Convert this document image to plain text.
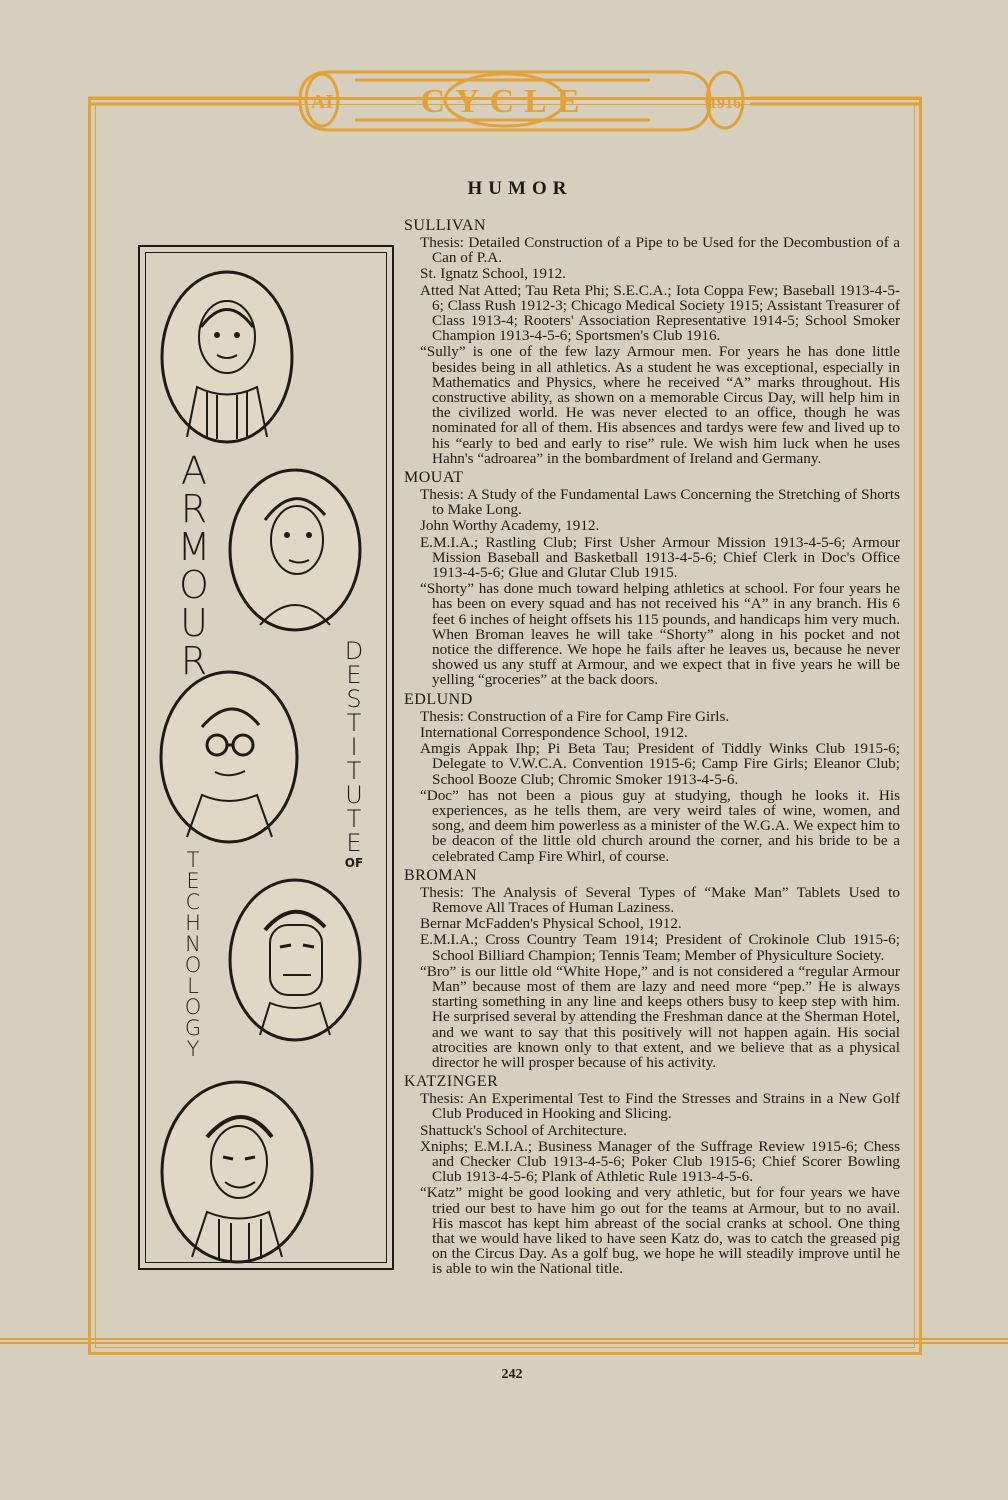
AI	CYCLE	1916
HUMOR
A
R
M
O
U
R	D
E
S
T
I
T
U
T
E
OF
T
E
C
H
N
O
L
O
G
Y
SULLIVAN

Thesis: Detailed Construction of a Pipe to be Used for the Decombustion of a Can of P.A.

St. Ignatz School, 1912.

Atted Nat Atted; Tau Reta Phi; S.E.C.A.; Iota Coppa Few; Baseball 1913-4-5-6; Class Rush 1912-3; Chicago Medical Society 1915; Assistant Treasurer of Class 1913-4; Rooters' Association Representative 1914-5; School Smoker Champion 1913-4-5-6; Sportsmen's Club 1916.

“Sully” is one of the few lazy Armour men. For years he has done little besides being in all athletics. As a student he was exceptional, especially in Mathematics and Physics, where he received “A” marks throughout. His constructive ability, as shown on a memorable Circus Day, will help him in the civilized world. He was never elected to an office, though he was nominated for all of them. His absences and tardys were few and lived up to his “early to bed and early to rise” rule. We wish him luck when he uses Hahn's “adroarea” in the bombardment of Ireland and Germany.

MOUAT

Thesis: A Study of the Fundamental Laws Concerning the Stretching of Shorts to Make Long.

John Worthy Academy, 1912.

E.M.I.A.; Rastling Club; First Usher Armour Mission 1913-4-5-6; Armour Mission Baseball and Basketball 1913-4-5-6; Chief Clerk in Doc's Office 1913-4-5-6; Glue and Glutar Club 1915.

“Shorty” has done much toward helping athletics at school. For four years he has been on every squad and has not received his “A” in any branch. His 6 feet 6 inches of height offsets his 115 pounds, and handicaps him very much. When Broman leaves he will take “Shorty” along in his pocket and not notice the difference. We hope he fails after he leaves us, because he never showed us any stuff at Armour, and we expect that in five years he will be yelling “groceries” at the back doors.

EDLUND

Thesis: Construction of a Fire for Camp Fire Girls.

International Correspondence School, 1912.

Amgis Appak Ihp; Pi Beta Tau; President of Tiddly Winks Club 1915-6; Delegate to V.W.C.A. Convention 1915-6; Camp Fire Girls; Eleanor Club; School Booze Club; Chromic Smoker 1913-4-5-6.

“Doc” has not been a pious guy at studying, though he looks it. His experiences, as he tells them, are very weird tales of wine, women, and song, and deem him powerless as a minister of the W.G.A. We expect him to be deacon of the little old church around the corner, and his bride to be a celebrated Camp Fire Whirl, of course.

BROMAN

Thesis: The Analysis of Several Types of “Make Man” Tablets Used to Remove All Traces of Human Laziness.

Bernar McFadden's Physical School, 1912.

E.M.I.A.; Cross Country Team 1914; President of Crokinole Club 1915-6; School Billiard Champion; Tennis Team; Member of Physiculture Society.

“Bro” is our little old “White Hope,” and is not considered a “regular Armour Man” because most of them are lazy and need more “pep.” He is always starting something in any line and keeps others busy to keep step with him. He surprised several by attending the Freshman dance at the Sherman Hotel, and we want to say that this positively will not happen again. His social atrocities are known only to that extent, and we believe that as a physical director he will prosper because of his activity.

KATZINGER

Thesis: An Experimental Test to Find the Stresses and Strains in a New Golf Club Produced in Hooking and Slicing.

Shattuck's School of Architecture.

Xniphs; E.M.I.A.; Business Manager of the Suffrage Review 1915-6; Chess and Checker Club 1913-4-5-6; Poker Club 1915-6; Chief Scorer Bowling Club 1913-4-5-6; Plank of Athletic Rule 1913-4-5-6.

“Katz” might be good looking and very athletic, but for four years we have tried our best to have him go out for the teams at Armour, but to no avail. His mascot has kept him abreast of the social cranks at school. One thing that we would have liked to have seen Katz do, was to catch the greased pig on the Circus Day. As a golf bug, we hope he will steadily improve until he is able to win the National title.

242
